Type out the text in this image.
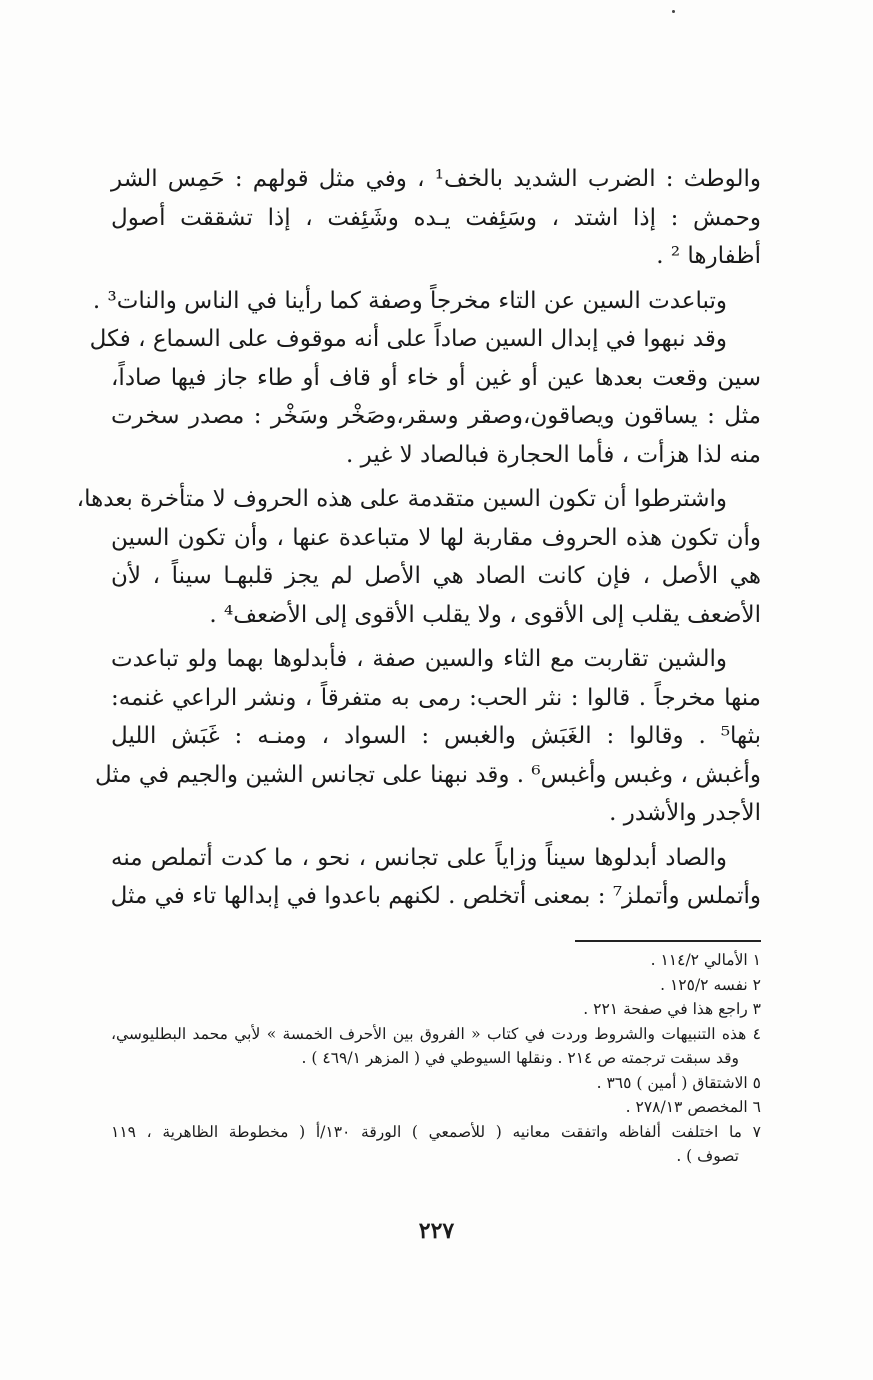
والوطث : الضرب الشديد بالخف¹ ، وفي مثل قولهم : حَمِس الشر
وحمش : إذا اشتد ، وسَئِفت يـده وشَئِفت ، إذا تشققت أصول
أظفارها ² .
وتباعدت السين عن التاء مخرجاً وصفة كما رأينا في الناس والنات³ .
وقد نبهوا في إبدال السين صاداً على أنه موقوف على السماع ، فكل
سين وقعت بعدها عين أو غين أو خاء أو قاف أو طاء جاز فيها صاداً،
مثل : يساقون ويصاقون،وصقر وسقر،وصَخْر وسَخْر : مصدر سخرت
منه لذا هزأت ، فأما الحجارة فبالصاد لا غير .
واشترطوا أن تكون السين متقدمة على هذه الحروف لا متأخرة بعدها،
وأن تكون هذه الحروف مقاربة لها لا متباعدة عنها ، وأن تكون السين
هي الأصل ، فإن كانت الصاد هي الأصل لم يجز قلبهـا سيناً ، لأن
الأضعف يقلب إلى الأقوى ، ولا يقلب الأقوى إلى الأضعف⁴ .
والشين تقاربت مع الثاء والسين صفة ، فأبدلوها بهما ولو تباعدت
منها مخرجاً . قالوا : نثر الحب: رمى به متفرقاً ، ونشر الراعي غنمه:
بثها⁵ . وقالوا : الغَبَش والغبس : السواد ، ومنـه : غَبَش الليل
وأغبش ، وغبس وأغبس⁶ . وقد نبهنا على تجانس الشين والجيم في مثل
الأجدر والأشدر .
والصاد أبدلوها سيناً وزاياً على تجانس ، نحو ، ما كدت أتملص منه
وأتملس وأتملز⁷ : بمعنى أتخلص . لكنهم باعدوا في إبدالها تاء في مثل
١ الأمالي ١١٤/٢ .
٢ نفسه ١٢٥/٢ .
٣ راجع هذا في صفحة ٢٢١ .
٤ هذه التنبيهات والشروط وردت في كتاب « الفروق بين الأحرف الخمسة » لأبي محمد البطليوسي،
وقد سبقت ترجمته ص ٢١٤ . ونقلها السيوطي في ( المزهر ٤٦٩/١ ) .
٥ الاشتقاق ( أمين ) ٣٦٥ .
٦ المخصص ٢٧٨/١٣ .
٧ ما اختلفت ألفاظه واتفقت معانيه ( للأصمعي ) الورقة ١٣٠/أ ( مخطوطة الظاهرية ، ١١٩
تصوف ) .
٢٢٧
